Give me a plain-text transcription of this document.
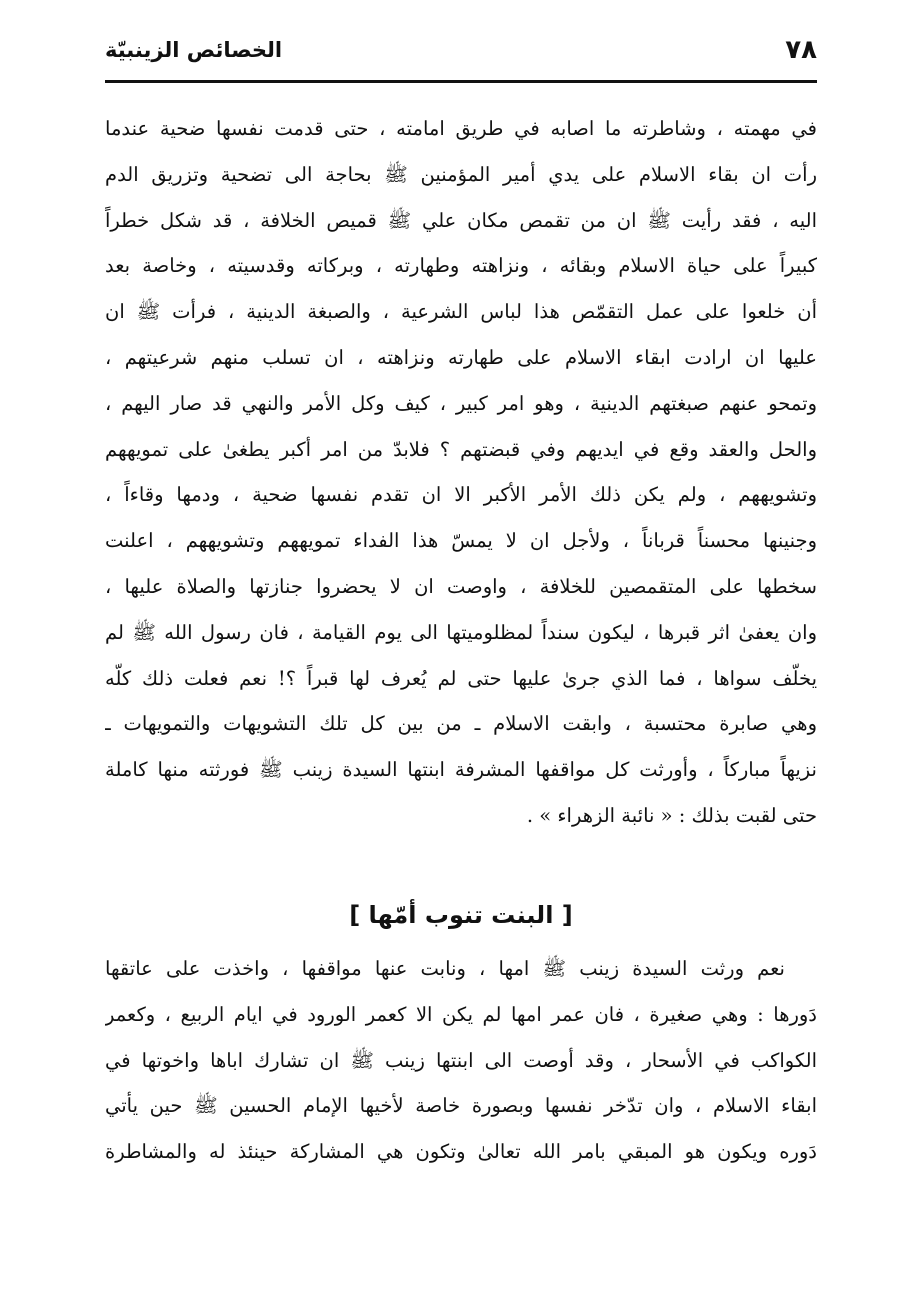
٧٨
الخصائص الزينبيّة
في مهمته ، وشاطرته ما اصابه في طريق امامته ، حتى قدمت نفسها ضحية عندما
رأت ان بقاء الاسلام على يدي أمير المؤمنين ﷺ بحاجة الى تضحية وتزريق الدم
اليه ، فقد رأيت ﷺ ان من تقمص مكان علي ﷺ قميص الخلافة ، قد شكل خطراً
كبيراً على حياة الاسلام وبقائه ، ونزاهته وطهارته ، وبركاته وقدسيته ، وخاصة بعد
أن خلعوا على عمل التقمّص هذا لباس الشرعية ، والصبغة الدينية ، فرأت ﷺ ان
عليها ان ارادت ابقاء الاسلام على طهارته ونزاهته ، ان تسلب منهم شرعيتهم ،
وتمحو عنهم صبغتهم الدينية ، وهو امر كبير ، كيف وكل الأمر والنهي قد صار اليهم ،
والحل والعقد وقع في ايديهم وفي قبضتهم ؟ فلابدّ من امر أكبر يطغىٰ على تمويههم
وتشويههم ، ولم يكن ذلك الأمر الأكبر الا ان تقدم نفسها ضحية ، ودمها وقاءاً ،
وجنينها محسناً قرباناً ، ولأجل ان لا يمسّ هذا الفداء تمويههم وتشويههم ، اعلنت
سخطها على المتقمصين للخلافة ، واوصت ان لا يحضروا جنازتها والصلاة عليها ،
وان يعفىٰ اثر قبرها ، ليكون سنداً لمظلوميتها الى يوم القيامة ، فان رسول الله ﷺ لم
يخلّف سواها ، فما الذي جرىٰ عليها حتى لم يُعرف لها قبراً ؟! نعم فعلت ذلك كلّه
وهي صابرة محتسبة ، وابقت الاسلام ـ من بين كل تلك التشويهات والتمويهات ـ
نزيهاً مباركاً ، وأورثت كل مواقفها المشرفة ابنتها السيدة زينب ﷺ فورثته منها كاملة
حتى لقبت بذلك : « نائبة الزهراء » .
[ البنت تنوب أمّها ]
نعم ورثت السيدة زينب ﷺ امها ، ونابت عنها مواقفها ، واخذت على عاتقها
دَورها : وهي صغيرة ، فان عمر امها لم يكن الا كعمر الورود في ايام الربيع ، وكعمر
الكواكب في الأسحار ، وقد أوصت الى ابنتها زينب ﷺ ان تشارك اباها واخوتها في
ابقاء الاسلام ، وان تدّخر نفسها وبصورة خاصة لأخيها الإمام الحسين ﷺ حين يأتي
دَوره ويكون هو المبقي بامر الله تعالىٰ وتكون هي المشاركة حينئذ له والمشاطرة
